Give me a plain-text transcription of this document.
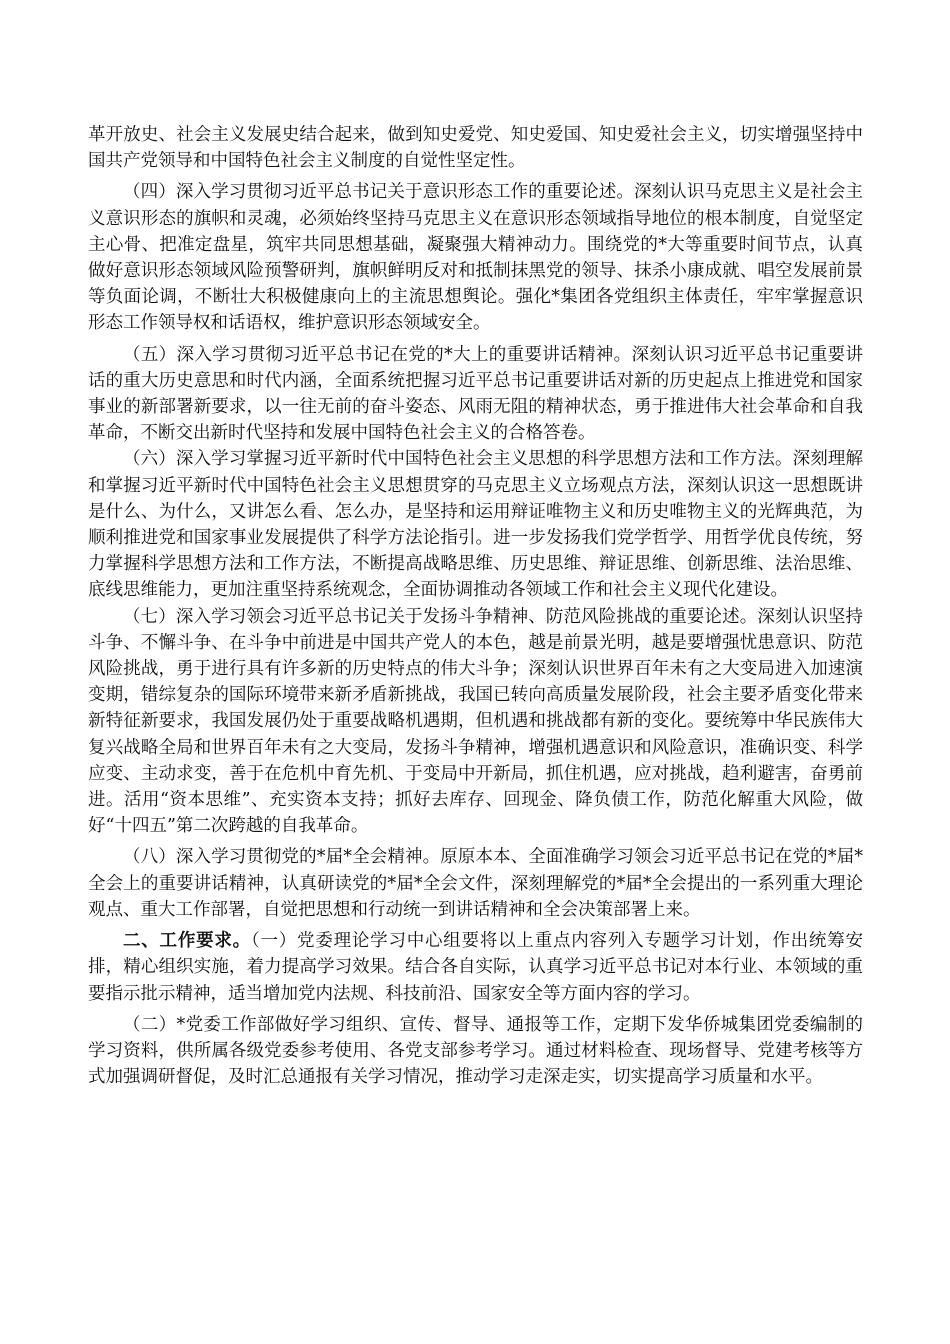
革开放史、社会主义发展史结合起来，做到知史爱党、知史爱国、知史爱社会主义，切实增强坚持中国共产党领导和中国特色社会主义制度的自觉性坚定性。

（四）深入学习贯彻习近平总书记关于意识形态工作的重要论述。深刻认识马克思主义是社会主义意识形态的旗帜和灵魂，必须始终坚持马克思主义在意识形态领域指导地位的根本制度，自觉坚定主心骨、把准定盘星，筑牢共同思想基础，凝聚强大精神动力。围绕党的*大等重要时间节点，认真做好意识形态领域风险预警研判，旗帜鲜明反对和抵制抹黑党的领导、抹杀小康成就、唱空发展前景等负面论调，不断壮大积极健康向上的主流思想舆论。强化*集团各党组织主体责任，牢牢掌握意识形态工作领导权和话语权，维护意识形态领域安全。

（五）深入学习贯彻习近平总书记在党的*大上的重要讲话精神。深刻认识习近平总书记重要讲话的重大历史意思和时代内涵，全面系统把握习近平总书记重要讲话对新的历史起点上推进党和国家事业的新部署新要求，以一往无前的奋斗姿态、风雨无阻的精神状态，勇于推进伟大社会革命和自我革命，不断交出新时代坚持和发展中国特色社会主义的合格答卷。

（六）深入学习掌握习近平新时代中国特色社会主义思想的科学思想方法和工作方法。深刻理解和掌握习近平新时代中国特色社会主义思想贯穿的马克思主义立场观点方法，深刻认识这一思想既讲是什么、为什么，又讲怎么看、怎么办，是坚持和运用辩证唯物主义和历史唯物主义的光辉典范，为顺利推进党和国家事业发展提供了科学方法论指引。进一步发扬我们党学哲学、用哲学优良传统，努力掌握科学思想方法和工作方法，不断提高战略思维、历史思维、辩证思维、创新思维、法治思维、底线思维能力，更加注重坚持系统观念，全面协调推动各领域工作和社会主义现代化建设。

（七）深入学习领会习近平总书记关于发扬斗争精神、防范风险挑战的重要论述。深刻认识坚持斗争、不懈斗争、在斗争中前进是中国共产党人的本色，越是前景光明，越是要增强忧患意识、防范风险挑战，勇于进行具有许多新的历史特点的伟大斗争；深刻认识世界百年未有之大变局进入加速演变期，错综复杂的国际环境带来新矛盾新挑战，我国已转向高质量发展阶段，社会主要矛盾变化带来新特征新要求，我国发展仍处于重要战略机遇期，但机遇和挑战都有新的变化。要统筹中华民族伟大复兴战略全局和世界百年未有之大变局，发扬斗争精神，增强机遇意识和风险意识，准确识变、科学应变、主动求变，善于在危机中育先机、于变局中开新局，抓住机遇，应对挑战，趋利避害，奋勇前进。活用“资本思维”、充实资本支持；抓好去库存、回现金、降负债工作，防范化解重大风险，做好“十四五”第二次跨越的自我革命。

（八）深入学习贯彻党的*届*全会精神。原原本本、全面准确学习领会习近平总书记在党的*届*全会上的重要讲话精神，认真研读党的*届*全会文件，深刻理解党的*届*全会提出的一系列重大理论观点、重大工作部署，自觉把思想和行动统一到讲话精神和全会决策部署上来。

二、工作要求。（一）党委理论学习中心组要将以上重点内容列入专题学习计划，作出统筹安排，精心组织实施，着力提高学习效果。结合各自实际，认真学习近平总书记对本行业、本领域的重要指示批示精神，适当增加党内法规、科技前沿、国家安全等方面内容的学习。

（二）*党委工作部做好学习组织、宣传、督导、通报等工作，定期下发华侨城集团党委编制的学习资料，供所属各级党委参考使用、各党支部参考学习。通过材料检查、现场督导、党建考核等方式加强调研督促，及时汇总通报有关学习情况，推动学习走深走实，切实提高学习质量和水平。
